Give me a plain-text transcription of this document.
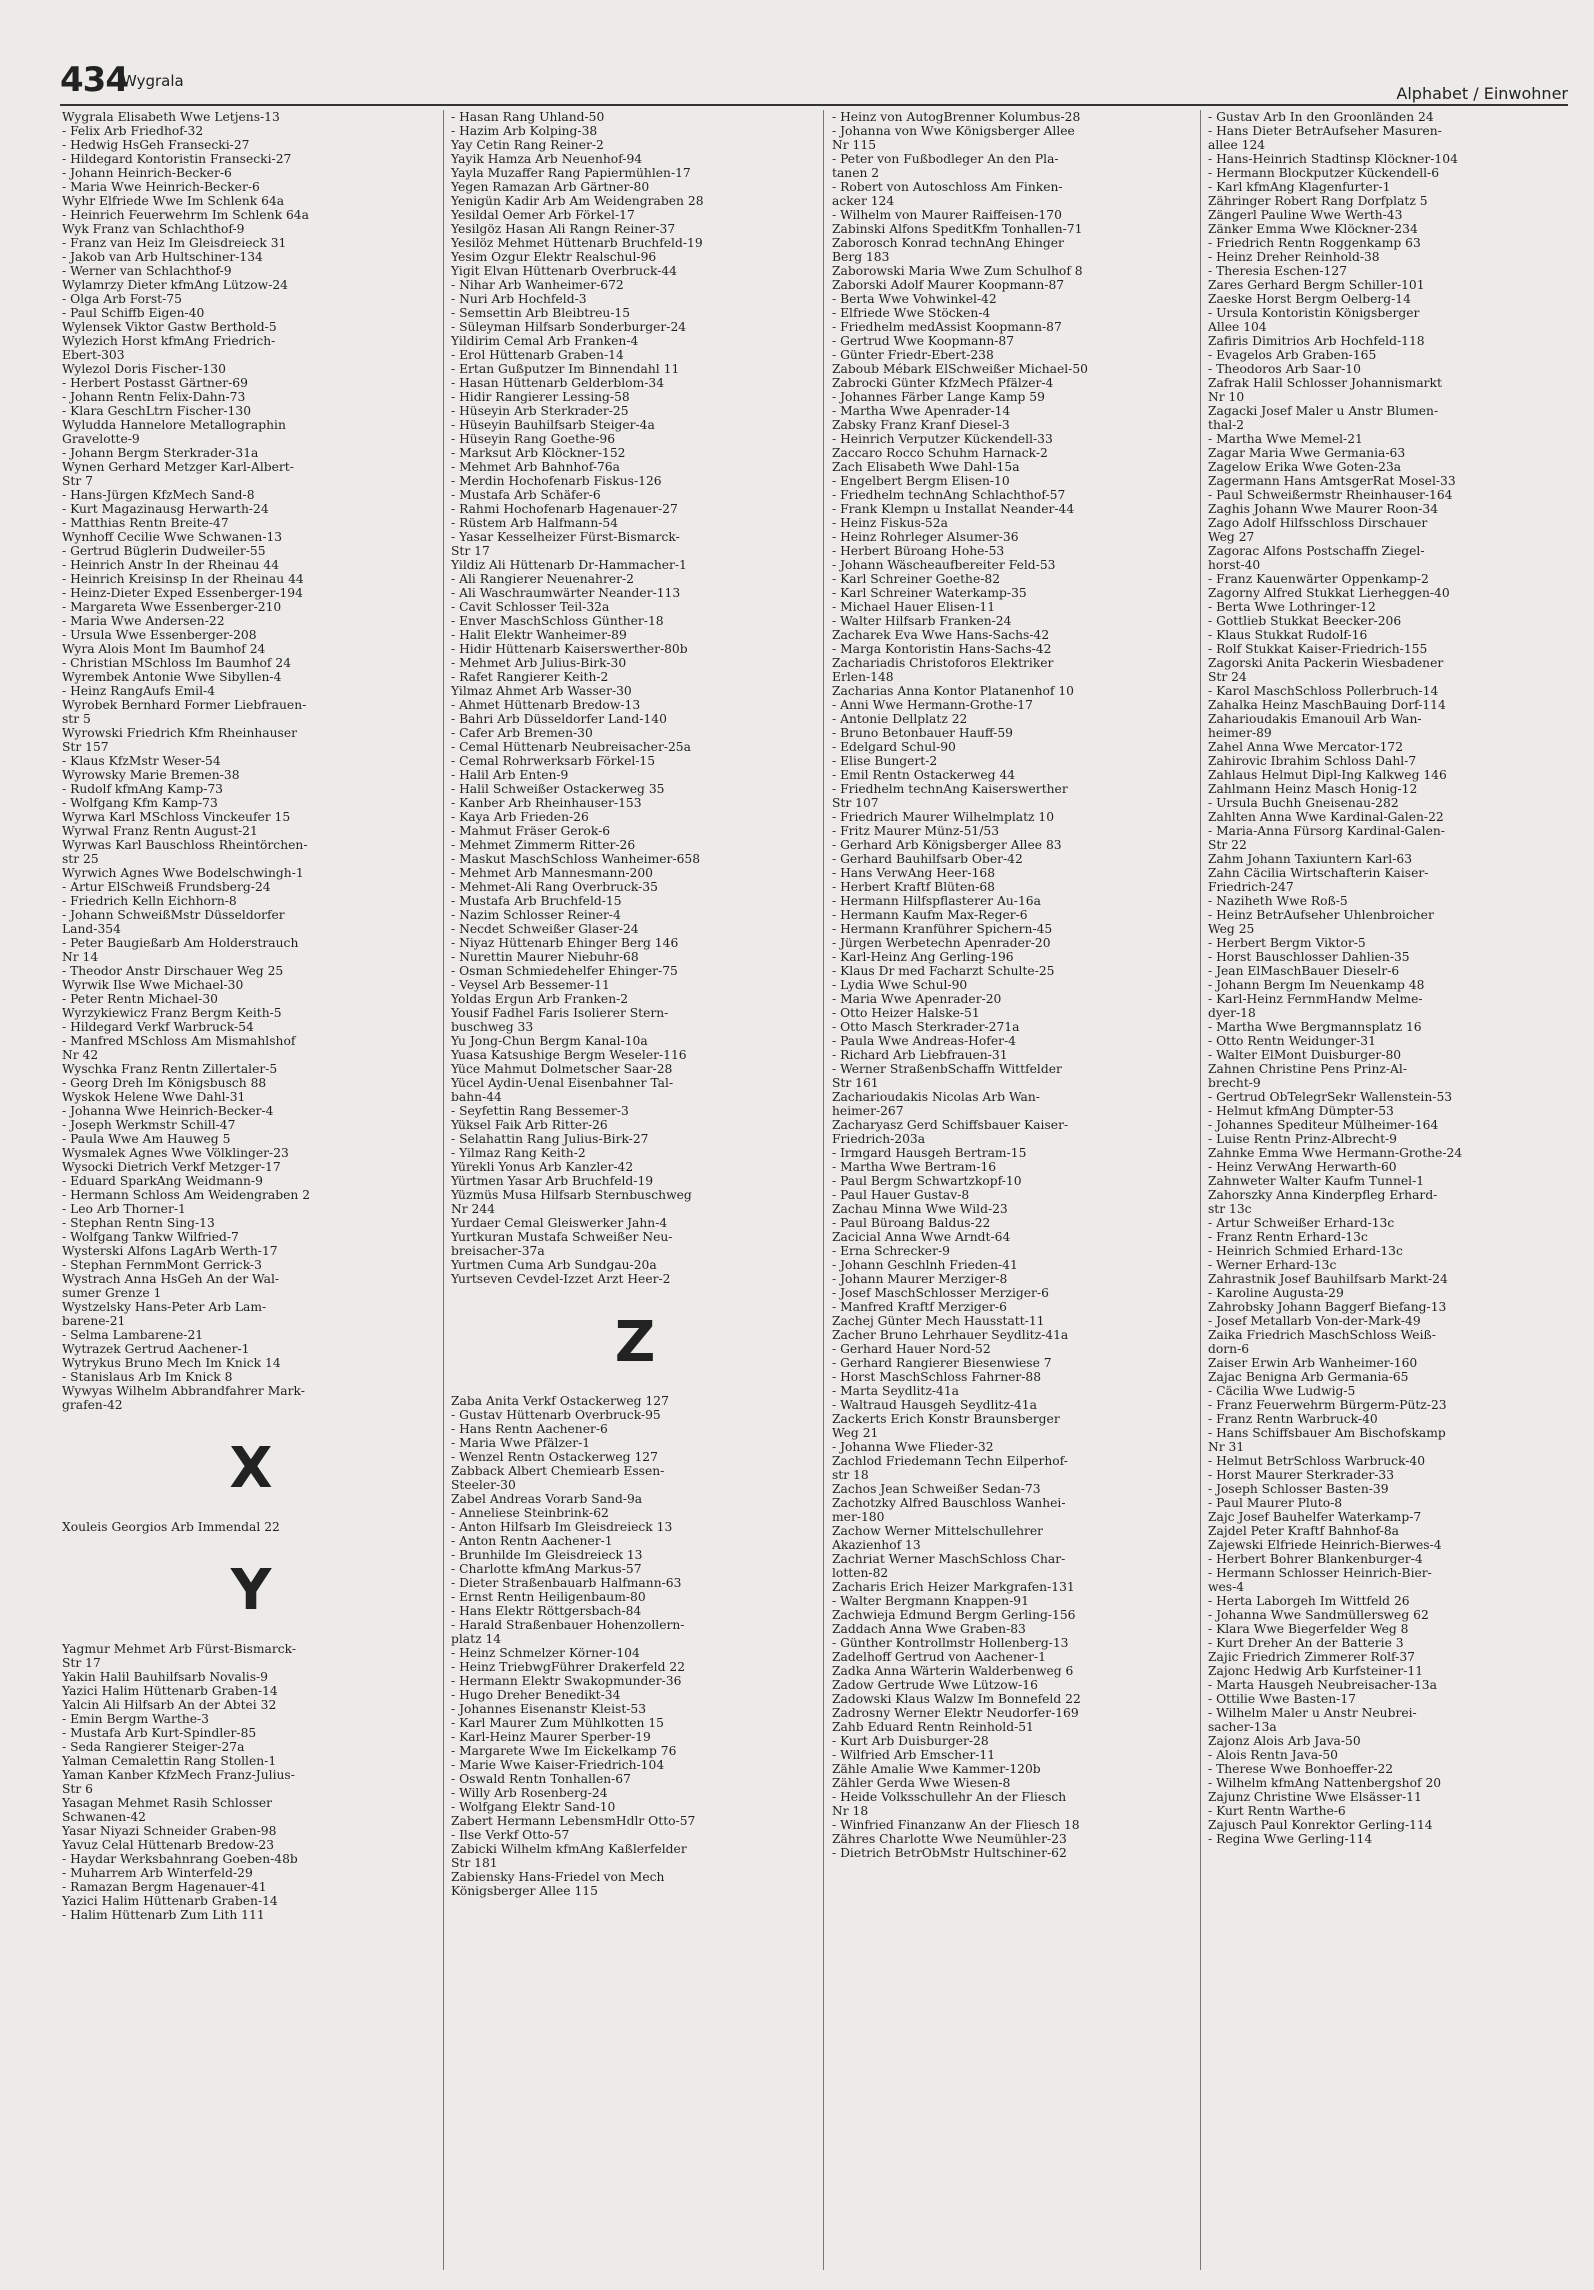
434
Wygrala
Alphabet / Einwohner

Wygrala Elisabeth Wwe Letjens-13

- Felix Arb Friedhof-32

- Hedwig HsGeh Fransecki-27

- Hildegard Kontoristin Fransecki-27

- Johann Heinrich-Becker-6

- Maria Wwe Heinrich-Becker-6

Wyhr Elfriede Wwe Im Schlenk 64a

- Heinrich Feuerwehrm Im Schlenk 64a

Wyk Franz van Schlachthof-9

- Franz van Heiz Im Gleisdreieck 31

- Jakob van Arb Hultschiner-134

- Werner van Schlachthof-9

Wylamrzy Dieter kfmAng Lützow-24

- Olga Arb Forst-75

- Paul Schiffb Eigen-40

Wylensek Viktor Gastw Berthold-5

Wylezich Horst kfmAng Friedrich-

Ebert-303

Wylezol Doris Fischer-130

- Herbert Postasst Gärtner-69

- Johann Rentn Felix-Dahn-73

- Klara GeschLtrn Fischer-130

Wyludda Hannelore Metallographin

Gravelotte-9

- Johann Bergm Sterkrader-31a

Wynen Gerhard Metzger Karl-Albert-

Str 7

- Hans-Jürgen KfzMech Sand-8

- Kurt Magazinausg Herwarth-24

- Matthias Rentn Breite-47

Wynhoff Cecilie Wwe Schwanen-13

- Gertrud Büglerin Dudweiler-55

- Heinrich Anstr In der Rheinau 44

- Heinrich Kreisinsp In der Rheinau 44

- Heinz-Dieter Exped Essenberger-194

- Margareta Wwe Essenberger-210

- Maria Wwe Andersen-22

- Ursula Wwe Essenberger-208

Wyra Alois Mont Im Baumhof 24

- Christian MSchloss Im Baumhof 24

Wyrembek Antonie Wwe Sibyllen-4

- Heinz RangAufs Emil-4

Wyrobek Bernhard Former Liebfrauen-

str 5

Wyrowski Friedrich Kfm Rheinhauser

Str 157

- Klaus KfzMstr Weser-54

Wyrowsky Marie Bremen-38

- Rudolf kfmAng Kamp-73

- Wolfgang Kfm Kamp-73

Wyrwa Karl MSchloss Vinckeufer 15

Wyrwal Franz Rentn August-21

Wyrwas Karl Bauschloss Rheintörchen-

str 25

Wyrwich Agnes Wwe Bodelschwingh-1

- Artur ElSchweiß Frundsberg-24

- Friedrich Kelln Eichhorn-8

- Johann SchweißMstr Düsseldorfer

Land-354

- Peter Baugießarb Am Holderstrauch

Nr 14

- Theodor Anstr Dirschauer Weg 25

Wyrwik Ilse Wwe Michael-30

- Peter Rentn Michael-30

Wyrzykiewicz Franz Bergm Keith-5

- Hildegard Verkf Warbruck-54

- Manfred MSchloss Am Mismahlshof

Nr 42

Wyschka Franz Rentn Zillertaler-5

- Georg Dreh Im Königsbusch 88

Wyskok Helene Wwe Dahl-31

- Johanna Wwe Heinrich-Becker-4

- Joseph Werkmstr Schill-47

- Paula Wwe Am Hauweg 5

Wysmalek Agnes Wwe Völklinger-23

Wysocki Dietrich Verkf Metzger-17

- Eduard SparkAng Weidmann-9

- Hermann Schloss Am Weidengraben 2

- Leo Arb Thorner-1

- Stephan Rentn Sing-13

- Wolfgang Tankw Wilfried-7

Wysterski Alfons LagArb Werth-17

- Stephan FernmMont Gerrick-3

Wystrach Anna HsGeh An der Wal-

sumer Grenze 1

Wystzelsky Hans-Peter Arb Lam-

barene-21

- Selma Lambarene-21

Wytrazek Gertrud Aachener-1

Wytrykus Bruno Mech Im Knick 14

- Stanislaus Arb Im Knick 8

Wywyas Wilhelm Abbrandfahrer Mark-

grafen-42

X

Xouleis Georgios Arb Immendal 22

Y

Yagmur Mehmet Arb Fürst-Bismarck-

Str 17

Yakin Halil Bauhilfsarb Novalis-9

Yazici Halim Hüttenarb Graben-14

Yalcin Ali Hilfsarb An der Abtei 32

- Emin Bergm Warthe-3

- Mustafa Arb Kurt-Spindler-85

- Seda Rangierer Steiger-27a

Yalman Cemalettin Rang Stollen-1

Yaman Kanber KfzMech Franz-Julius-

Str 6

Yasagan Mehmet Rasih Schlosser

Schwanen-42

Yasar Niyazi Schneider Graben-98

Yavuz Celal Hüttenarb Bredow-23

- Haydar Werksbahnrang Goeben-48b

- Muharrem Arb Winterfeld-29

- Ramazan Bergm Hagenauer-41

Yazici Halim Hüttenarb Graben-14

- Halim Hüttenarb Zum Lith 111

- Hasan Rang Uhland-50

- Hazim Arb Kolping-38

Yay Cetin Rang Reiner-2

Yayik Hamza Arb Neuenhof-94

Yayla Muzaffer Rang Papiermühlen-17

Yegen Ramazan Arb Gärtner-80

Yenigün Kadir Arb Am Weidengraben 28

Yesildal Oemer Arb Förkel-17

Yesilgöz Hasan Ali Rangn Reiner-37

Yesilöz Mehmet Hüttenarb Bruchfeld-19

Yesim Ozgur Elektr Realschul-96

Yigit Elvan Hüttenarb Overbruck-44

- Nihar Arb Wanheimer-672

- Nuri Arb Hochfeld-3

- Semsettin Arb Bleibtreu-15

- Süleyman Hilfsarb Sonderburger-24

Yildirim Cemal Arb Franken-4

- Erol Hüttenarb Graben-14

- Ertan Gußputzer Im Binnendahl 11

- Hasan Hüttenarb Gelderblom-34

- Hidir Rangierer Lessing-58

- Hüseyin Arb Sterkrader-25

- Hüseyin Bauhilfsarb Steiger-4a

- Hüseyin Rang Goethe-96

- Marksut Arb Klöckner-152

- Mehmet Arb Bahnhof-76a

- Merdin Hochofenarb Fiskus-126

- Mustafa Arb Schäfer-6

- Rahmi Hochofenarb Hagenauer-27

- Rüstem Arb Halfmann-54

- Yasar Kesselheizer Fürst-Bismarck-

Str 17

Yildiz Ali Hüttenarb Dr-Hammacher-1

- Ali Rangierer Neuenahrer-2

- Ali Waschraumwärter Neander-113

- Cavit Schlosser Teil-32a

- Enver MaschSchloss Günther-18

- Halit Elektr Wanheimer-89

- Hidir Hüttenarb Kaiserswerther-80b

- Mehmet Arb Julius-Birk-30

- Rafet Rangierer Keith-2

Yilmaz Ahmet Arb Wasser-30

- Ahmet Hüttenarb Bredow-13

- Bahri Arb Düsseldorfer Land-140

- Cafer Arb Bremen-30

- Cemal Hüttenarb Neubreisacher-25a

- Cemal Rohrwerksarb Förkel-15

- Halil Arb Enten-9

- Halil Schweißer Ostackerweg 35

- Kanber Arb Rheinhauser-153

- Kaya Arb Frieden-26

- Mahmut Fräser Gerok-6

- Mehmet Zimmerm Ritter-26

- Maskut MaschSchloss Wanheimer-658

- Mehmet Arb Mannesmann-200

- Mehmet-Ali Rang Overbruck-35

- Mustafa Arb Bruchfeld-15

- Nazim Schlosser Reiner-4

- Necdet Schweißer Glaser-24

- Niyaz Hüttenarb Ehinger Berg 146

- Nurettin Maurer Niebuhr-68

- Osman Schmiedehelfer Ehinger-75

- Veysel Arb Bessemer-11

Yoldas Ergun Arb Franken-2

Yousif Fadhel Faris Isolierer Stern-

buschweg 33

Yu Jong-Chun Bergm Kanal-10a

Yuasa Katsushige Bergm Weseler-116

Yüce Mahmut Dolmetscher Saar-28

Yücel Aydin-Uenal Eisenbahner Tal-

bahn-44

- Seyfettin Rang Bessemer-3

Yüksel Faik Arb Ritter-26

- Selahattin Rang Julius-Birk-27

- Yilmaz Rang Keith-2

Yürekli Yonus Arb Kanzler-42

Yürtmen Yasar Arb Bruchfeld-19

Yüzmüs Musa Hilfsarb Sternbuschweg

Nr 244

Yurdaer Cemal Gleiswerker Jahn-4

Yurtkuran Mustafa Schweißer Neu-

breisacher-37a

Yurtmen Cuma Arb Sundgau-20a

Yurtseven Cevdel-Izzet Arzt Heer-2

Z

Zaba Anita Verkf Ostackerweg 127

- Gustav Hüttenarb Overbruck-95

- Hans Rentn Aachener-6

- Maria Wwe Pfälzer-1

- Wenzel Rentn Ostackerweg 127

Zabback Albert Chemiearb Essen-

Steeler-30

Zabel Andreas Vorarb Sand-9a

- Anneliese Steinbrink-62

- Anton Hilfsarb Im Gleisdreieck 13

- Anton Rentn Aachener-1

- Brunhilde Im Gleisdreieck 13

- Charlotte kfmAng Markus-57

- Dieter Straßenbauarb Halfmann-63

- Ernst Rentn Heiligenbaum-80

- Hans Elektr Röttgersbach-84

- Harald Straßenbauer Hohenzollern-

platz 14

- Heinz Schmelzer Körner-104

- Heinz TriebwgFührer Drakerfeld 22

- Hermann Elektr Swakopmunder-36

- Hugo Dreher Benedikt-34

- Johannes Eisenanstr Kleist-53

- Karl Maurer Zum Mühlkotten 15

- Karl-Heinz Maurer Sperber-19

- Margarete Wwe Im Eickelkamp 76

- Marie Wwe Kaiser-Friedrich-104

- Oswald Rentn Tonhallen-67

- Willy Arb Rosenberg-24

- Wolfgang Elektr Sand-10

Zabert Hermann LebensmHdlr Otto-57

- Ilse Verkf Otto-57

Zabicki Wilhelm kfmAng Kaßlerfelder

Str 181

Zabiensky Hans-Friedel von Mech

Königsberger Allee 115

- Heinz von AutogBrenner Kolumbus-28

- Johanna von Wwe Königsberger Allee

Nr 115

- Peter von Fußbodleger An den Pla-

tanen 2

- Robert von Autoschloss Am Finken-

acker 124

- Wilhelm von Maurer Raiffeisen-170

Zabinski Alfons SpeditKfm Tonhallen-71

Zaborosch Konrad technAng Ehinger

Berg 183

Zaborowski Maria Wwe Zum Schulhof 8

Zaborski Adolf Maurer Koopmann-87

- Berta Wwe Vohwinkel-42

- Elfriede Wwe Stöcken-4

- Friedhelm medAssist Koopmann-87

- Gertrud Wwe Koopmann-87

- Günter Friedr-Ebert-238

Zaboub Mébark ElSchweißer Michael-50

Zabrocki Günter KfzMech Pfälzer-4

- Johannes Färber Lange Kamp 59

- Martha Wwe Apenrader-14

Zabsky Franz Kranf Diesel-3

- Heinrich Verputzer Kückendell-33

Zaccaro Rocco Schuhm Harnack-2

Zach Elisabeth Wwe Dahl-15a

- Engelbert Bergm Elisen-10

- Friedhelm technAng Schlachthof-57

- Frank Klempn u Installat Neander-44

- Heinz Fiskus-52a

- Heinz Rohrleger Alsumer-36

- Herbert Büroang Hohe-53

- Johann Wäscheaufbereiter Feld-53

- Karl Schreiner Goethe-82

- Karl Schreiner Waterkamp-35

- Michael Hauer Elisen-11

- Walter Hilfsarb Franken-24

Zacharek Eva Wwe Hans-Sachs-42

- Marga Kontoristin Hans-Sachs-42

Zachariadis Christoforos Elektriker

Erlen-148

Zacharias Anna Kontor Platanenhof 10

- Anni Wwe Hermann-Grothe-17

- Antonie Dellplatz 22

- Bruno Betonbauer Hauff-59

- Edelgard Schul-90

- Elise Bungert-2

- Emil Rentn Ostackerweg 44

- Friedhelm technAng Kaiserswerther

Str 107

- Friedrich Maurer Wilhelmplatz 10

- Fritz Maurer Münz-51/53

- Gerhard Arb Königsberger Allee 83

- Gerhard Bauhilfsarb Ober-42

- Hans VerwAng Heer-168

- Herbert Kraftf Blüten-68

- Hermann Hilfspflasterer Au-16a

- Hermann Kaufm Max-Reger-6

- Hermann Kranführer Spichern-45

- Jürgen Werbetechn Apenrader-20

- Karl-Heinz Ang Gerling-196

- Klaus Dr med Facharzt Schulte-25

- Lydia Wwe Schul-90

- Maria Wwe Apenrader-20

- Otto Heizer Halske-51

- Otto Masch Sterkrader-271a

- Paula Wwe Andreas-Hofer-4

- Richard Arb Liebfrauen-31

- Werner StraßenbSchaffn Wittfelder

Str 161

Zacharioudakis Nicolas Arb Wan-

heimer-267

Zacharyasz Gerd Schiffsbauer Kaiser-

Friedrich-203a

- Irmgard Hausgeh Bertram-15

- Martha Wwe Bertram-16

- Paul Bergm Schwartzkopf-10

- Paul Hauer Gustav-8

Zachau Minna Wwe Wild-23

- Paul Büroang Baldus-22

Zacicial Anna Wwe Arndt-64

- Erna Schrecker-9

- Johann Geschlnh Frieden-41

- Johann Maurer Merziger-8

- Josef MaschSchlosser Merziger-6

- Manfred Kraftf Merziger-6

Zachej Günter Mech Hausstatt-11

Zacher Bruno Lehrhauer Seydlitz-41a

- Gerhard Hauer Nord-52

- Gerhard Rangierer Biesenwiese 7

- Horst MaschSchloss Fahrner-88

- Marta Seydlitz-41a

- Waltraud Hausgeh Seydlitz-41a

Zackerts Erich Konstr Braunsberger

Weg 21

- Johanna Wwe Flieder-32

Zachlod Friedemann Techn Eilperhof-

str 18

Zachos Jean Schweißer Sedan-73

Zachotzky Alfred Bauschloss Wanhei-

mer-180

Zachow Werner Mittelschullehrer

Akazienhof 13

Zachriat Werner MaschSchloss Char-

lotten-82

Zacharis Erich Heizer Markgrafen-131

- Walter Bergmann Knappen-91

Zachwieja Edmund Bergm Gerling-156

Zaddach Anna Wwe Graben-83

- Günther Kontrollmstr Hollenberg-13

Zadelhoff Gertrud von Aachener-1

Zadka Anna Wärterin Walderbenweg 6

Zadow Gertrude Wwe Lützow-16

Zadowski Klaus Walzw Im Bonnefeld 22

Zadrosny Werner Elektr Neudorfer-169

Zahb Eduard Rentn Reinhold-51

- Kurt Arb Duisburger-28

- Wilfried Arb Emscher-11

Zähle Amalie Wwe Kammer-120b

Zähler Gerda Wwe Wiesen-8

- Heide Volksschullehr An der Fliesch

Nr 18

- Winfried Finanzanw An der Fliesch 18

Zähres Charlotte Wwe Neumühler-23

- Dietrich BetrObMstr Hultschiner-62

- Gustav Arb In den Groonländen 24

- Hans Dieter BetrAufseher Masuren-

allee 124

- Hans-Heinrich Stadtinsp Klöckner-104

- Hermann Blockputzer Kückendell-6

- Karl kfmAng Klagenfurter-1

Zähringer Robert Rang Dorfplatz 5

Zängerl Pauline Wwe Werth-43

Zänker Emma Wwe Klöckner-234

- Friedrich Rentn Roggenkamp 63

- Heinz Dreher Reinhold-38

- Theresia Eschen-127

Zares Gerhard Bergm Schiller-101

Zaeske Horst Bergm Oelberg-14

- Ursula Kontoristin Königsberger

Allee 104

Zafiris Dimitrios Arb Hochfeld-118

- Evagelos Arb Graben-165

- Theodoros Arb Saar-10

Zafrak Halil Schlosser Johannismarkt

Nr 10

Zagacki Josef Maler u Anstr Blumen-

thal-2

- Martha Wwe Memel-21

Zagar Maria Wwe Germania-63

Zagelow Erika Wwe Goten-23a

Zagermann Hans AmtsgerRat Mosel-33

- Paul Schweißermstr Rheinhauser-164

Zaghis Johann Wwe Maurer Roon-34

Zago Adolf Hilfsschloss Dirschauer

Weg 27

Zagorac Alfons Postschaffn Ziegel-

horst-40

- Franz Kauenwärter Oppenkamp-2

Zagorny Alfred Stukkat Lierheggen-40

- Berta Wwe Lothringer-12

- Gottlieb Stukkat Beecker-206

- Klaus Stukkat Rudolf-16

- Rolf Stukkat Kaiser-Friedrich-155

Zagorski Anita Packerin Wiesbadener

Str 24

- Karol MaschSchloss Pollerbruch-14

Zahalka Heinz MaschBauing Dorf-114

Zaharioudakis Emanouil Arb Wan-

heimer-89

Zahel Anna Wwe Mercator-172

Zahirovic Ibrahim Schloss Dahl-7

Zahlaus Helmut Dipl-Ing Kalkweg 146

Zahlmann Heinz Masch Honig-12

- Ursula Buchh Gneisenau-282

Zahlten Anna Wwe Kardinal-Galen-22

- Maria-Anna Fürsorg Kardinal-Galen-

Str 22

Zahm Johann Taxiuntern Karl-63

Zahn Cäcilia Wirtschafterin Kaiser-

Friedrich-247

- Naziheth Wwe Roß-5

- Heinz BetrAufseher Uhlenbroicher

Weg 25

- Herbert Bergm Viktor-5

- Horst Bauschlosser Dahlien-35

- Jean ElMaschBauer Dieselr-6

- Johann Bergm Im Neuenkamp 48

- Karl-Heinz FernmHandw Melme-

dyer-18

- Martha Wwe Bergmannsplatz 16

- Otto Rentn Weidunger-31

- Walter ElMont Duisburger-80

Zahnen Christine Pens Prinz-Al-

brecht-9

- Gertrud ObTelegrSekr Wallenstein-53

- Helmut kfmAng Dümpter-53

- Johannes Spediteur Mülheimer-164

- Luise Rentn Prinz-Albrecht-9

Zahnke Emma Wwe Hermann-Grothe-24

- Heinz VerwAng Herwarth-60

Zahnweter Walter Kaufm Tunnel-1

Zahorszky Anna Kinderpfleg Erhard-

str 13c

- Artur Schweißer Erhard-13c

- Franz Rentn Erhard-13c

- Heinrich Schmied Erhard-13c

- Werner Erhard-13c

Zahrastnik Josef Bauhilfsarb Markt-24

- Karoline Augusta-29

Zahrobsky Johann Baggerf Biefang-13

- Josef Metallarb Von-der-Mark-49

Zaika Friedrich MaschSchloss Weiß-

dorn-6

Zaiser Erwin Arb Wanheimer-160

Zajac Benigna Arb Germania-65

- Cäcilia Wwe Ludwig-5

- Franz Feuerwehrm Bürgerm-Pütz-23

- Franz Rentn Warbruck-40

- Hans Schiffsbauer Am Bischofskamp

Nr 31

- Helmut BetrSchloss Warbruck-40

- Horst Maurer Sterkrader-33

- Joseph Schlosser Basten-39

- Paul Maurer Pluto-8

Zajc Josef Bauhelfer Waterkamp-7

Zajdel Peter Kraftf Bahnhof-8a

Zajewski Elfriede Heinrich-Bierwes-4

- Herbert Bohrer Blankenburger-4

- Hermann Schlosser Heinrich-Bier-

wes-4

- Herta Laborgeh Im Wittfeld 26

- Johanna Wwe Sandmüllersweg 62

- Klara Wwe Biegerfelder Weg 8

- Kurt Dreher An der Batterie 3

Zajic Friedrich Zimmerer Rolf-37

Zajonc Hedwig Arb Kurfsteiner-11

- Marta Hausgeh Neubreisacher-13a

- Ottilie Wwe Basten-17

- Wilhelm Maler u Anstr Neubrei-

sacher-13a

Zajonz Alois Arb Java-50

- Alois Rentn Java-50

- Therese Wwe Bonhoeffer-22

- Wilhelm kfmAng Nattenbergshof 20

Zajunz Christine Wwe Elsässer-11

- Kurt Rentn Warthe-6

Zajusch Paul Konrektor Gerling-114

- Regina Wwe Gerling-114
